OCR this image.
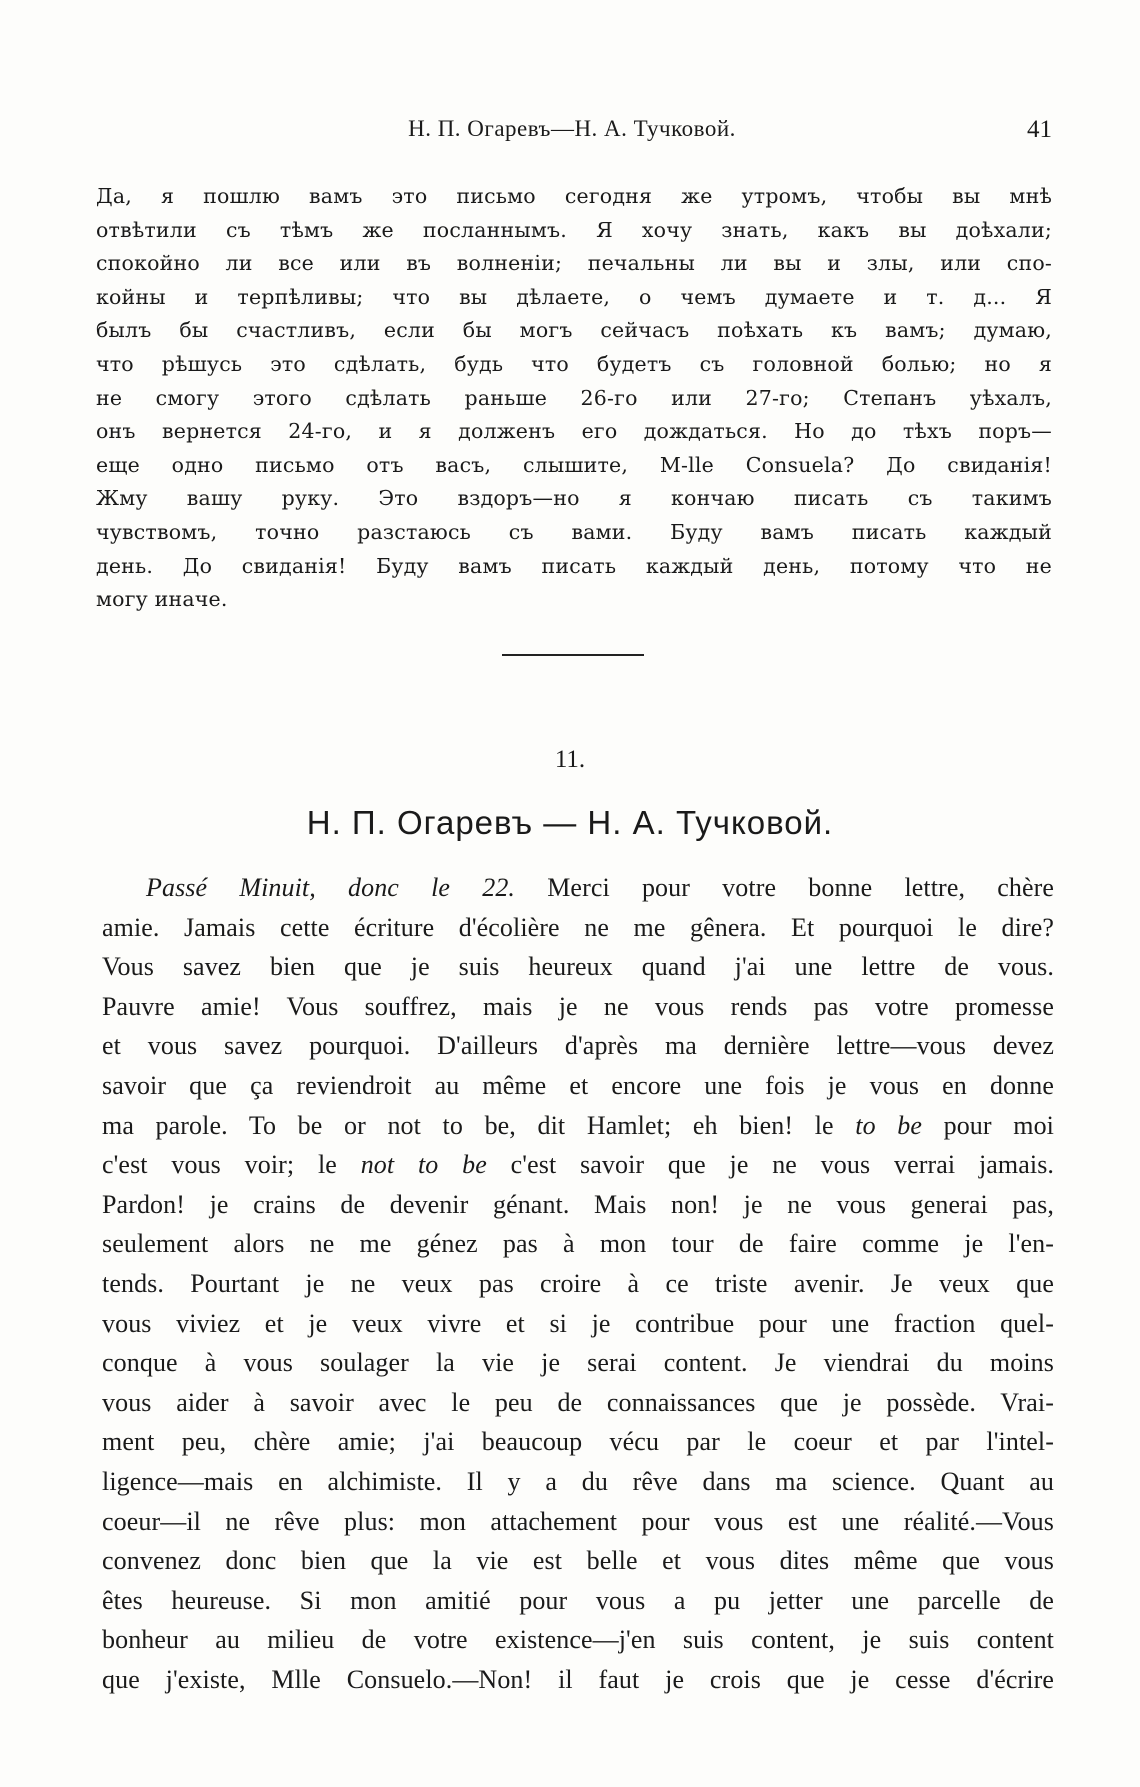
Н. П. Огаревъ—Н. А. Тучковой.	41
Да, я пошлю вамъ это письмо сегодня же утромъ, чтобы вы мнѣ
отвѣтили съ тѣмъ же посланнымъ. Я хочу знать, какъ вы доѣхали;
спокойно ли все или въ волненіи; печальны ли вы и злы, или спо-
койны и терпѣливы; что вы дѣлаете, о чемъ думаете и т. д... Я
былъ бы счастливъ, если бы могъ сейчасъ поѣхать къ вамъ; думаю,
что рѣшусь это сдѣлать, будь что будетъ съ головной болью; но я
не смогу этого сдѣлать раньше 26-го или 27-го; Степанъ уѣхалъ,
онъ вернется 24-го, и я долженъ его дождаться. Но до тѣхъ поръ—
еще одно письмо отъ васъ, слышите, M-lle Consuela? До свиданія!
Жму вашу руку. Это вздоръ—но я кончаю писать съ такимъ
чувствомъ, точно разстаюсь съ вами. Буду вамъ писать каждый
день. До свиданія! Буду вамъ писать каждый день, потому что не
могу иначе.
11.
Н. П. Огаревъ — Н. А. Тучковой.
Passé Minuit, donc le 22. Merci pour votre bonne lettre, chère
amie. Jamais cette écriture d'écolière ne me gênera. Et pourquoi le dire?
Vous savez bien que je suis heureux quand j'ai une lettre de vous.
Pauvre amie! Vous souffrez, mais je ne vous rends pas votre promesse
et vous savez pourquoi. D'ailleurs d'après ma dernière lettre—vous devez
savoir que ça reviendroit au même et encore une fois je vous en donne
ma parole. To be or not to be, dit Hamlet; eh bien! le to be pour moi
c'est vous voir; le not to be c'est savoir que je ne vous verrai jamais.
Pardon! je crains de devenir génant. Mais non! je ne vous generai pas,
seulement alors ne me génez pas à mon tour de faire comme je l'en-
tends. Pourtant je ne veux pas croire à ce triste avenir. Je veux que
vous viviez et je veux vivre et si je contribue pour une fraction quel-
conque à vous soulager la vie je serai content. Je viendrai du moins
vous aider à savoir avec le peu de connaissances que je possède. Vrai-
ment peu, chère amie; j'ai beaucoup vécu par le coeur et par l'intel-
ligence—mais en alchimiste. Il y a du rêve dans ma science. Quant au
coeur—il ne rêve plus: mon attachement pour vous est une réalité.—Vous
convenez donc bien que la vie est belle et vous dites même que vous
êtes heureuse. Si mon amitié pour vous a pu jetter une parcelle de
bonheur au milieu de votre existence—j'en suis content, je suis content
que j'existe, Mlle Consuelo.—Non! il faut je crois que je cesse d'écrire
